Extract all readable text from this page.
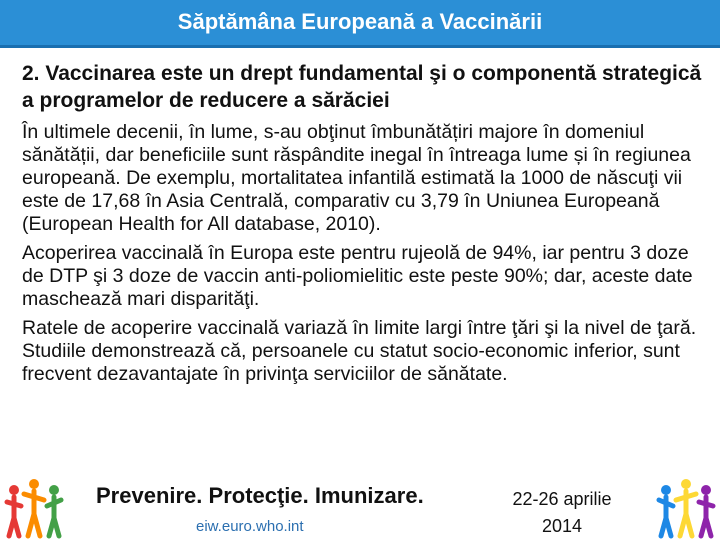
Săptămâna Europeană a Vaccinării
2. Vaccinarea este un drept fundamental şi o componentă strategică a programelor de reducere a sărăciei

În ultimele decenii, în lume, s-au obţinut îmbunătățiri majore în domeniul sănătății, dar beneficiile sunt răspândite inegal în întreaga lume și în regiunea europeană. De exemplu, mortalitatea infantilă estimată la 1000 de născuţi vii este de 17,68 în Asia Centrală, comparativ cu 3,79 în Uniunea Europeană (European Health for All database, 2010).

Acoperirea vaccinală în Europa este pentru rujeolă de 94%, iar pentru 3 doze de DTP şi 3 doze de vaccin anti-poliomielitic este peste 90%; dar, aceste date maschează mari disparităţi.

Ratele de acoperire vaccinală variază în limite largi între ţări şi la nivel de ţară. Studiile demonstrează că, persoanele cu statut socio-economic inferior, sunt frecvent dezavantajate în privinţa serviciilor de sănătate.

Prevenire. Protecţie. Imunizare.
eiw.euro.who.int
22-26 aprilie
2014
